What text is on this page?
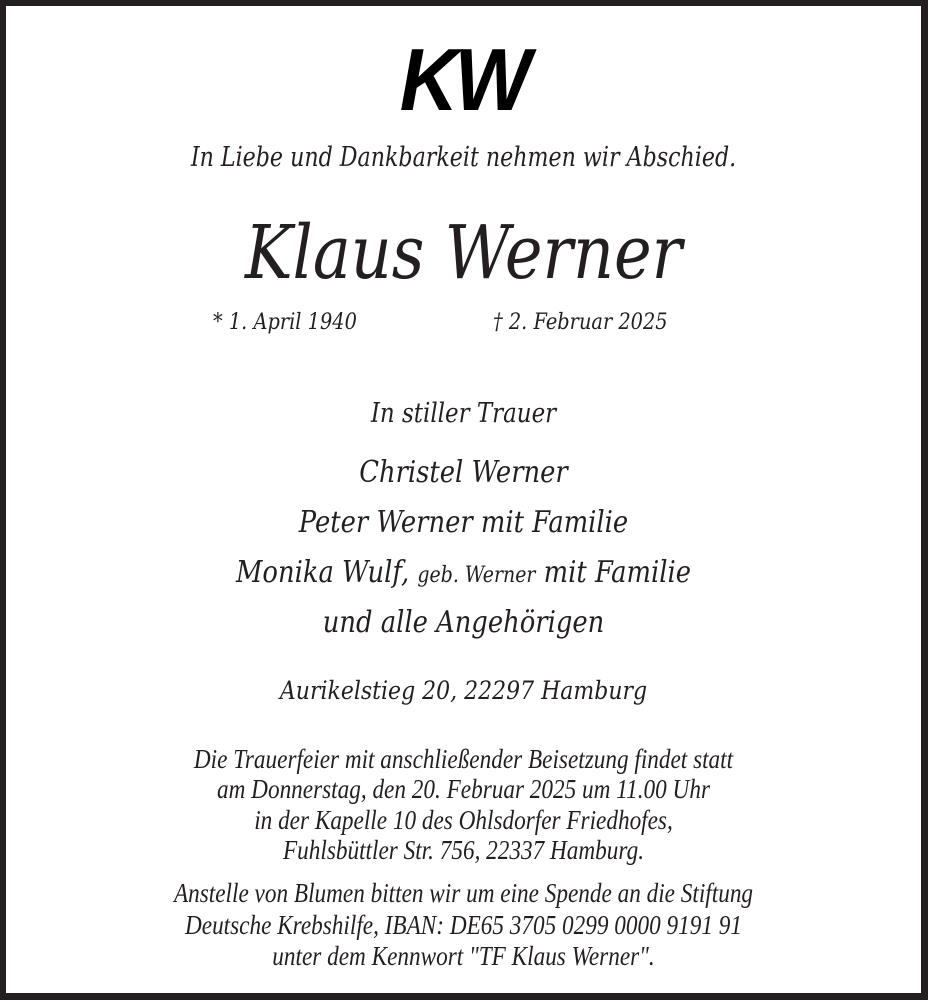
KW
In Liebe und Dankbarkeit nehmen wir Abschied.
Klaus Werner
* 1. April 1940	† 2. Februar 2025
In stiller Trauer
Christel Werner
Peter Werner mit Familie
Monika Wulf, geb. Werner mit Familie
und alle Angehörigen
Aurikelstieg 20, 22297 Hamburg
Die Trauerfeier mit anschließender Beisetzung findet statt
am Donnerstag, den 20. Februar 2025 um 11.00 Uhr
in der Kapelle 10 des Ohlsdorfer Friedhofes,
Fuhlsbüttler Str. 756, 22337 Hamburg.
Anstelle von Blumen bitten wir um eine Spende an die Stiftung
Deutsche Krebshilfe, IBAN: DE65 3705 0299 0000 9191 91
unter dem Kennwort "TF Klaus Werner".
